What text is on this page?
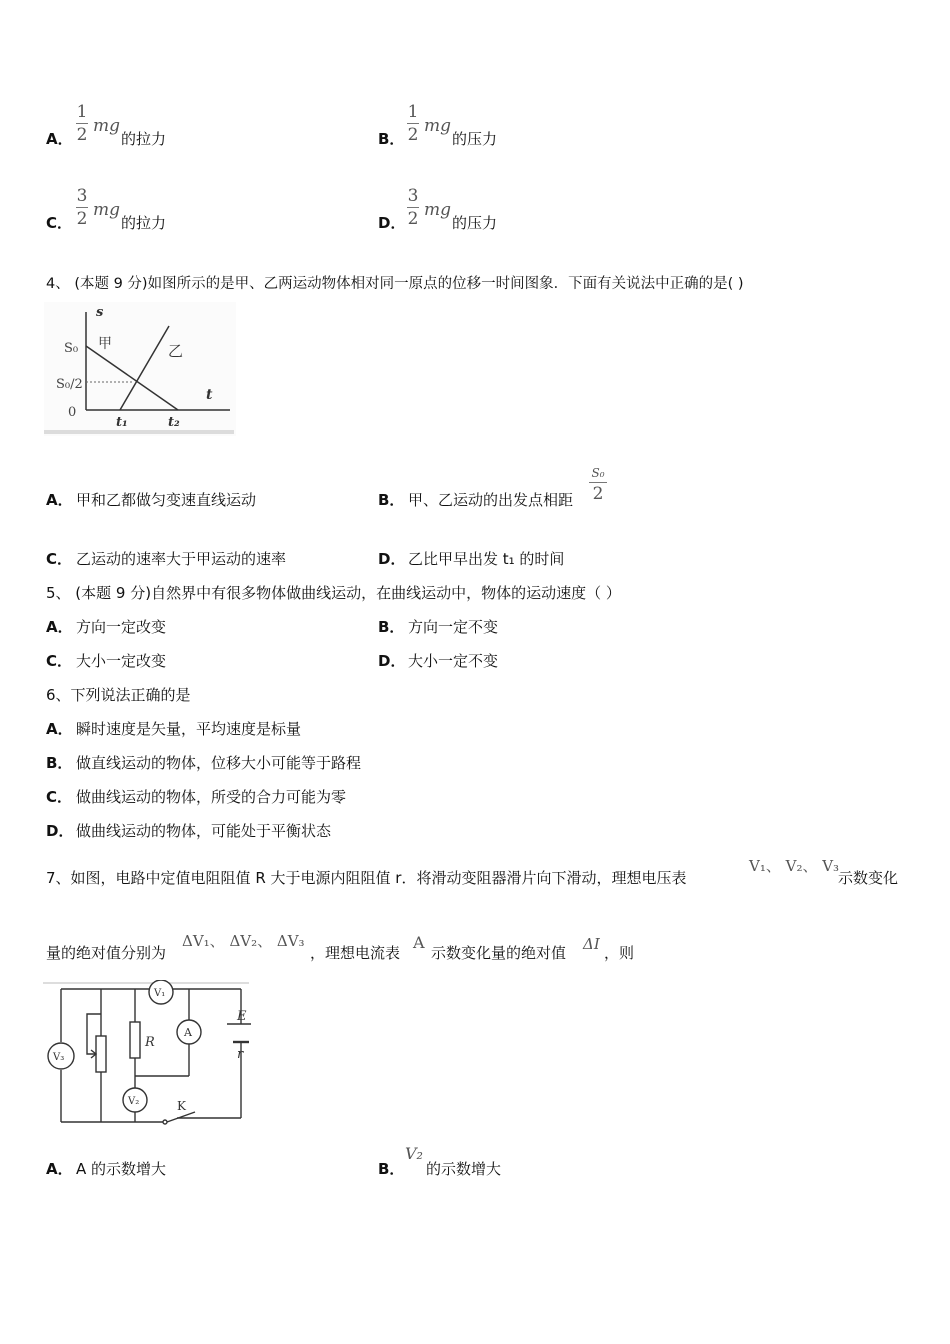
A．
1
2 mg
的拉力	B．
1
2 mg
的压力
C．
3
2 mg
的拉力	D．
3
2 mg
的压力
4、 (本题 9 分)如图所示的是甲、乙两运动物体相对同一原点的位移一时间图象．下面有关说法中正确的是( )
s
t
S₀
S₀/2
0
t₁	t₂
甲	乙
A． 甲和乙都做匀变速直线运动	B． 甲、乙运动的出发点相距
S₀
2
C． 乙运动的速率大于甲运动的速率	D． 乙比甲早出发 t₁ 的时间
5、 (本题 9 分)自然界中有很多物体做曲线运动，在曲线运动中，物体的运动速度（ ）
A． 方向一定改变	B． 方向一定不变
C． 大小一定改变	D． 大小一定不变
6、下列说法正确的是
A． 瞬时速度是矢量，平均速度是标量
B． 做直线运动的物体，位移大小可能等于路程
C． 做曲线运动的物体，所受的合力可能为零
D． 做曲线运动的物体，可能处于平衡状态
7、如图，电路中定值电阻阻值 R 大于电源内阻阻值 r．将滑动变阻器滑片向下滑动，理想电压表
V₁、 V₂、 V₃
示数变化
量的绝对值分别为
ΔV₁、 ΔV₂、 ΔV₃
，理想电流表
A
示数变化量的绝对值 ΔI ，则
V₁
V₂
V₃
A
R
E
r
K
A． A 的示数增大	B．
V₂
的示数增大
